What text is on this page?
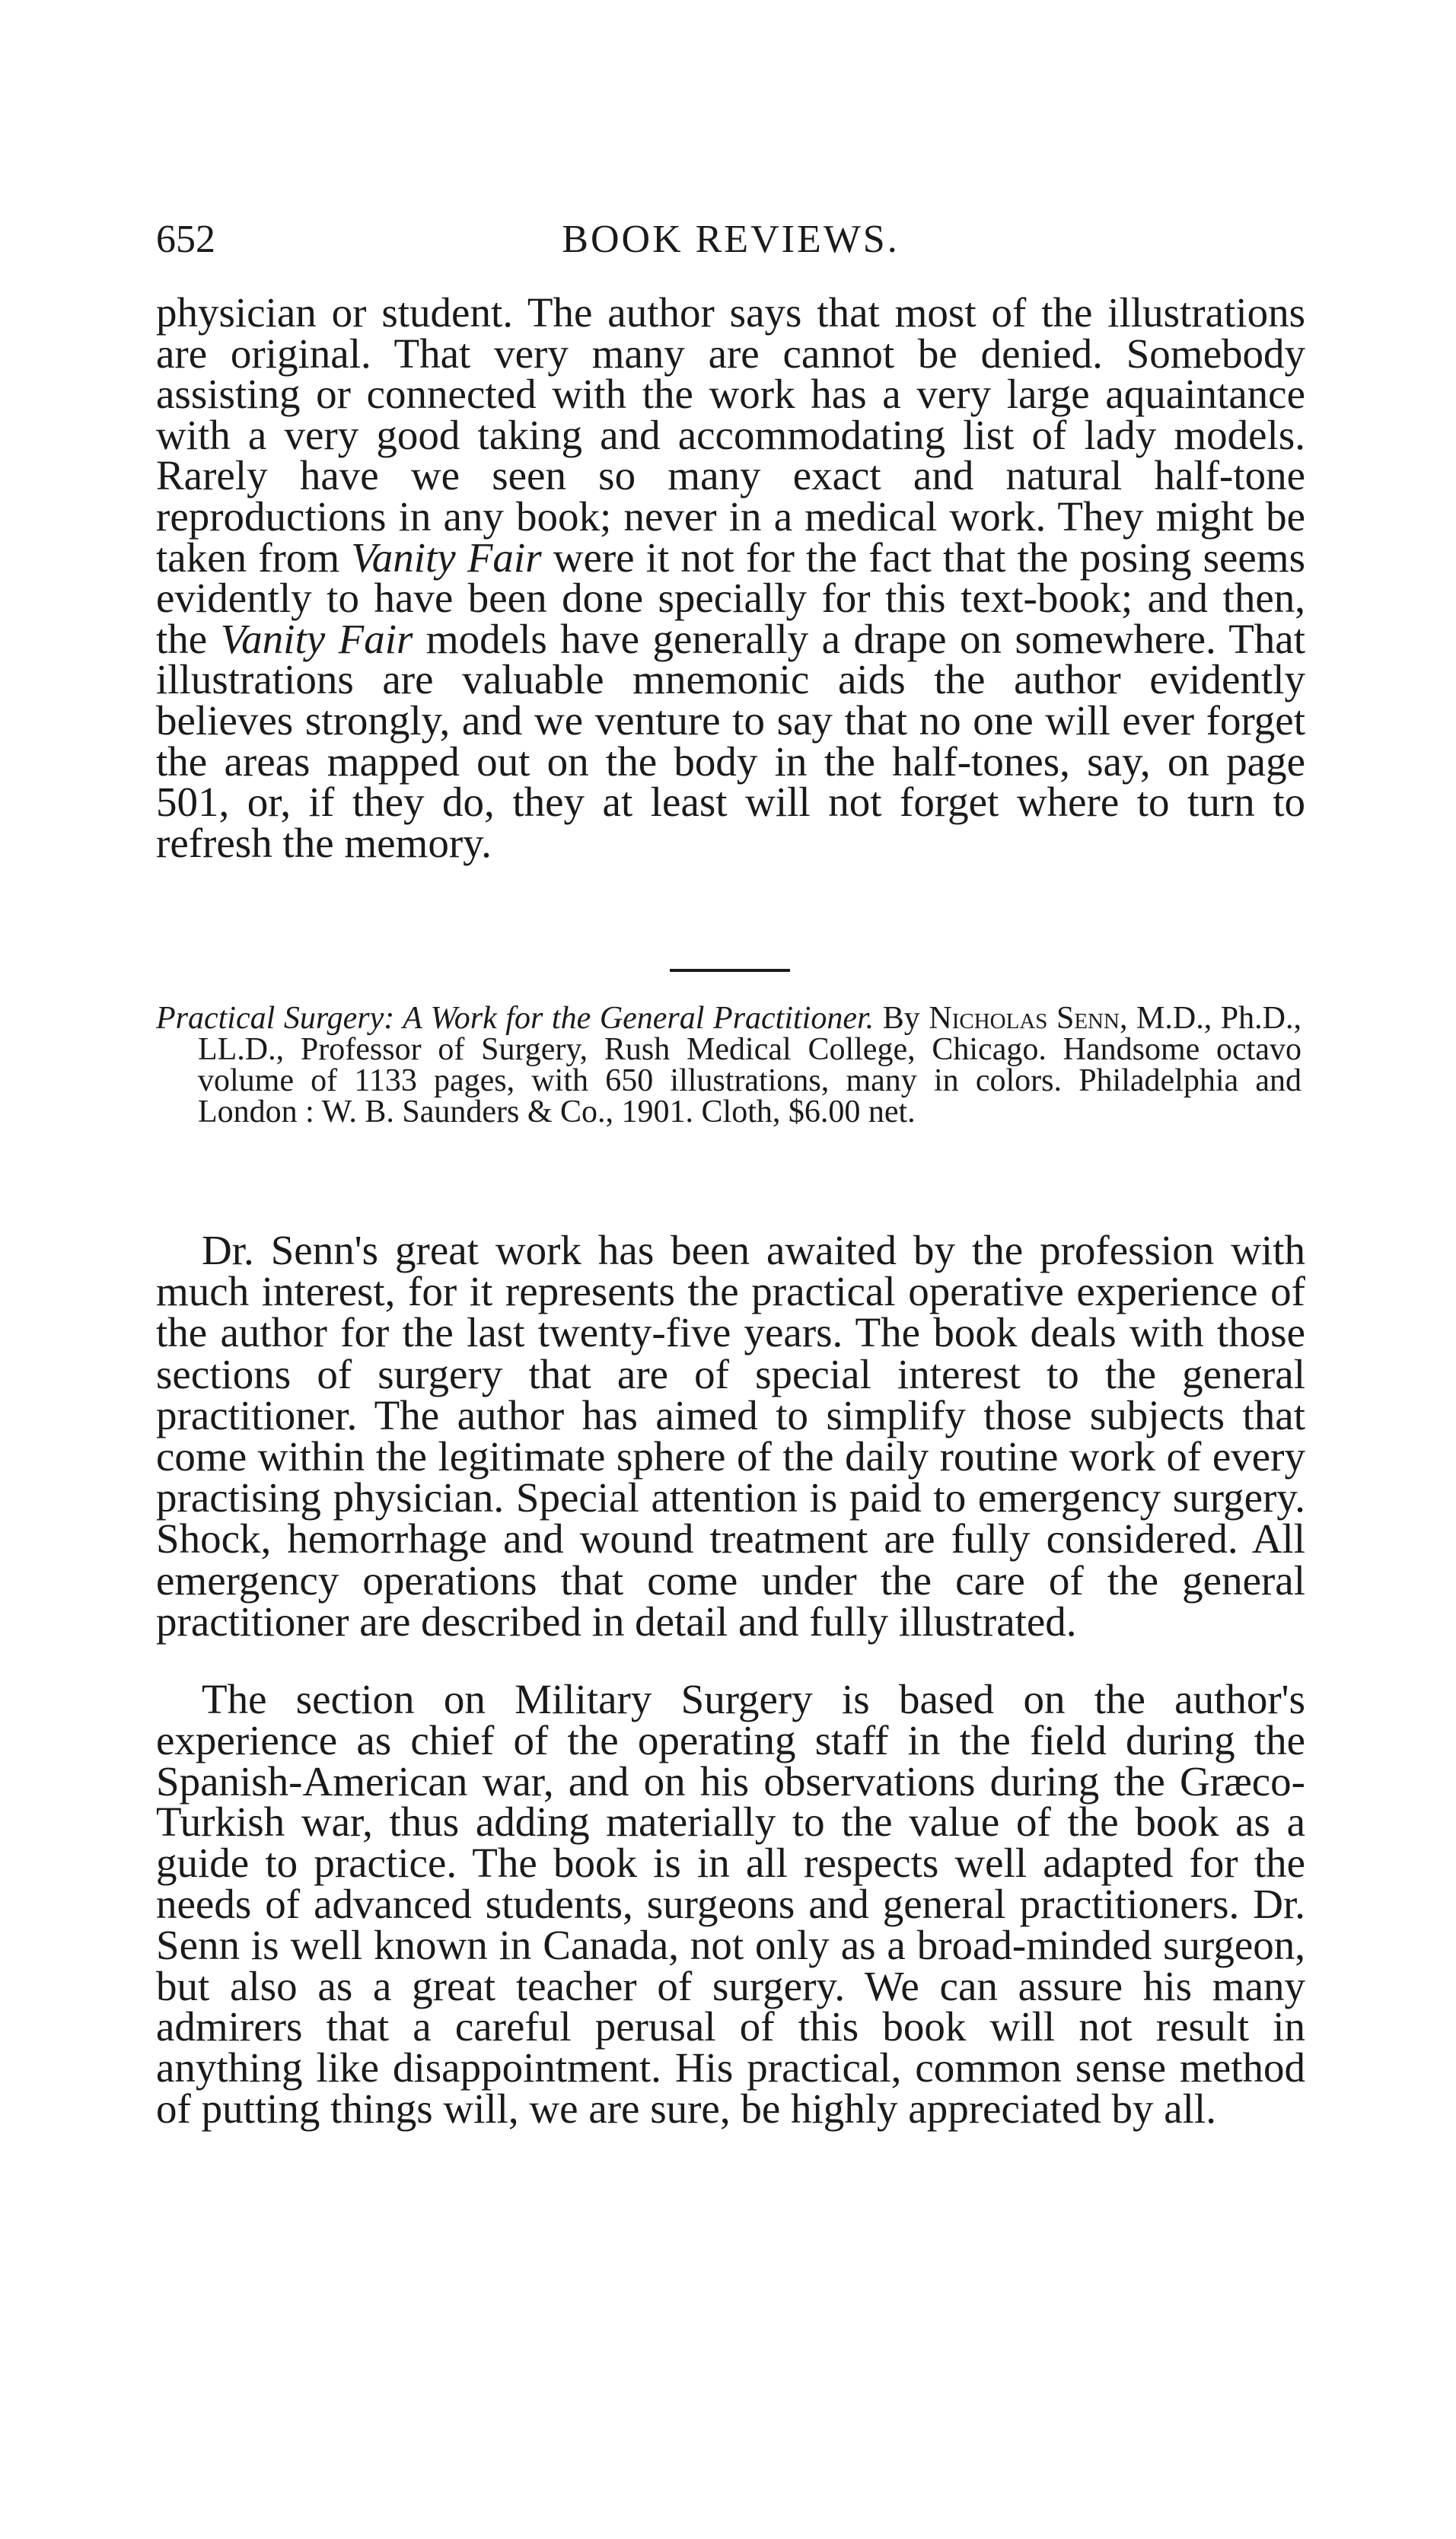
652	BOOK REVIEWS.
physician or student. The author says that most of the illustrations are original. That very many are cannot be denied. Somebody assisting or connected with the work has a very large aquaintance with a very good taking and accommodating list of lady models. Rarely have we seen so many exact and natural half-tone reproductions in any book; never in a medical work. They might be taken from Vanity Fair were it not for the fact that the posing seems evidently to have been done specially for this text-book; and then, the Vanity Fair models have generally a drape on somewhere. That illustrations are valuable mnemonic aids the author evidently believes strongly, and we venture to say that no one will ever forget the areas mapped out on the body in the half-tones, say, on page 501, or, if they do, they at least will not forget where to turn to refresh the memory.
Practical Surgery: A Work for the General Practitioner. By Nicholas Senn, M.D., Ph.D., LL.D., Professor of Surgery, Rush Medical College, Chicago. Handsome octavo volume of 1133 pages, with 650 illustrations, many in colors. Philadelphia and London : W. B. Saunders & Co., 1901. Cloth, $6.00 net.
Dr. Senn's great work has been awaited by the profession with much interest, for it represents the practical operative experience of the author for the last twenty-five years. The book deals with those sections of surgery that are of special interest to the general practitioner. The author has aimed to simplify those subjects that come within the legitimate sphere of the daily routine work of every practising physician. Special attention is paid to emergency surgery. Shock, hemorrhage and wound treatment are fully considered. All emergency operations that come under the care of the general practitioner are described in detail and fully illustrated.
The section on Military Surgery is based on the author's experience as chief of the operating staff in the field during the Spanish-American war, and on his observations during the Græco-Turkish war, thus adding materially to the value of the book as a guide to practice. The book is in all respects well adapted for the needs of advanced students, surgeons and general practitioners. Dr. Senn is well known in Canada, not only as a broad-minded surgeon, but also as a great teacher of surgery. We can assure his many admirers that a careful perusal of this book will not result in anything like disappointment. His practical, common sense method of putting things will, we are sure, be highly appreciated by all.
